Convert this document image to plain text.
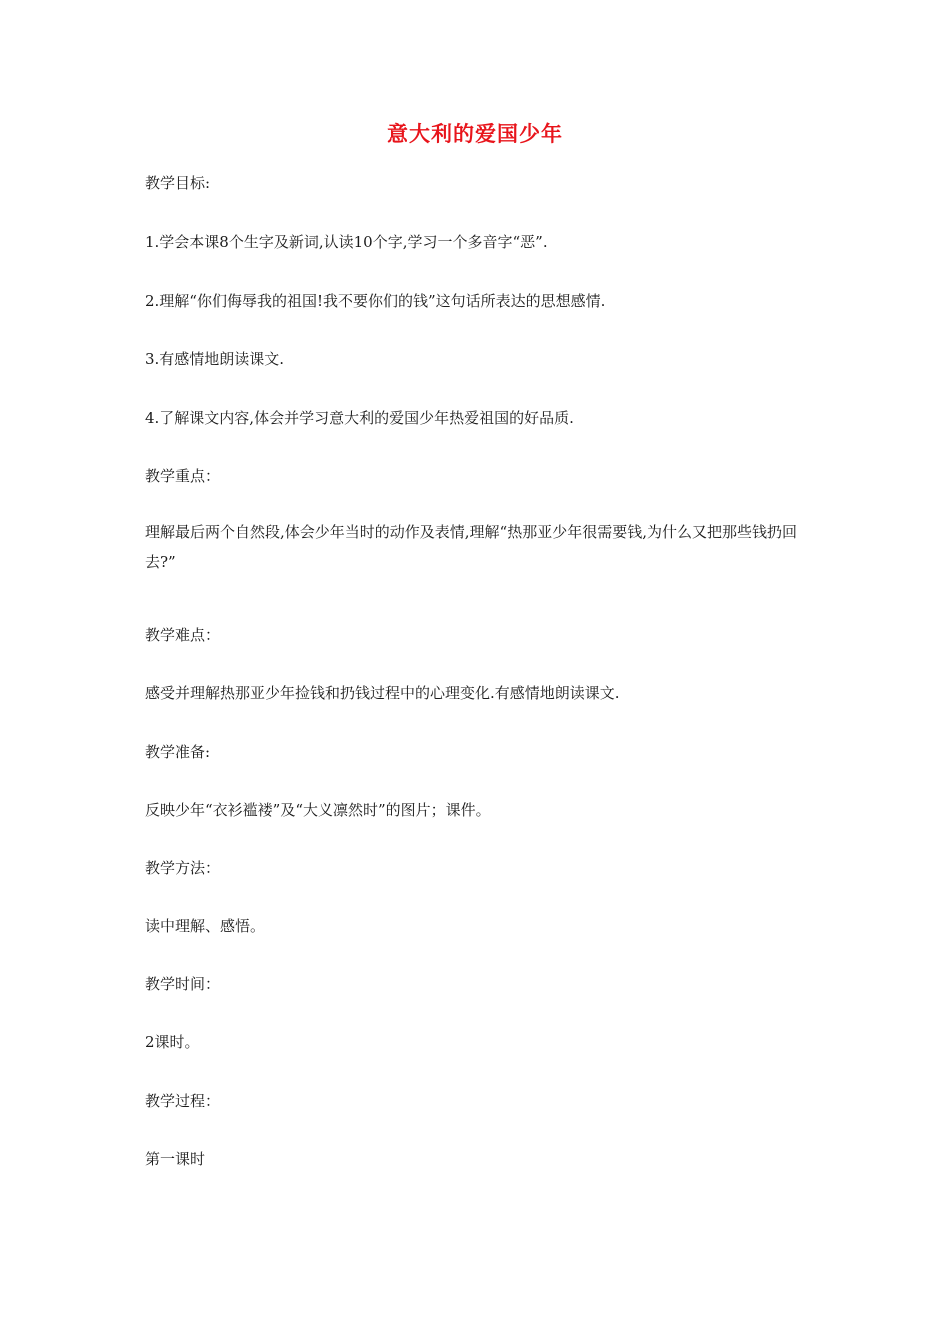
意大利的爱国少年
教学目标:
1.学会本课8个生字及新词,认读10个字,学习一个多音字“恶”.
2.理解“你们侮辱我的祖国!我不要你们的钱”这句话所表达的思想感情.
3.有感情地朗读课文.
4.了解课文内容,体会并学习意大利的爱国少年热爱祖国的好品质.
教学重点：
理解最后两个自然段,体会少年当时的动作及表情,理解“热那亚少年很需要钱,为什么又把那些钱扔回去?”
教学难点：
感受并理解热那亚少年捡钱和扔钱过程中的心理变化.有感情地朗读课文.
教学准备:
反映少年“衣衫褴褛”及“大义凛然时”的图片；课件。
教学方法：
读中理解、感悟。
教学时间：
2课时。
教学过程：
第一课时
